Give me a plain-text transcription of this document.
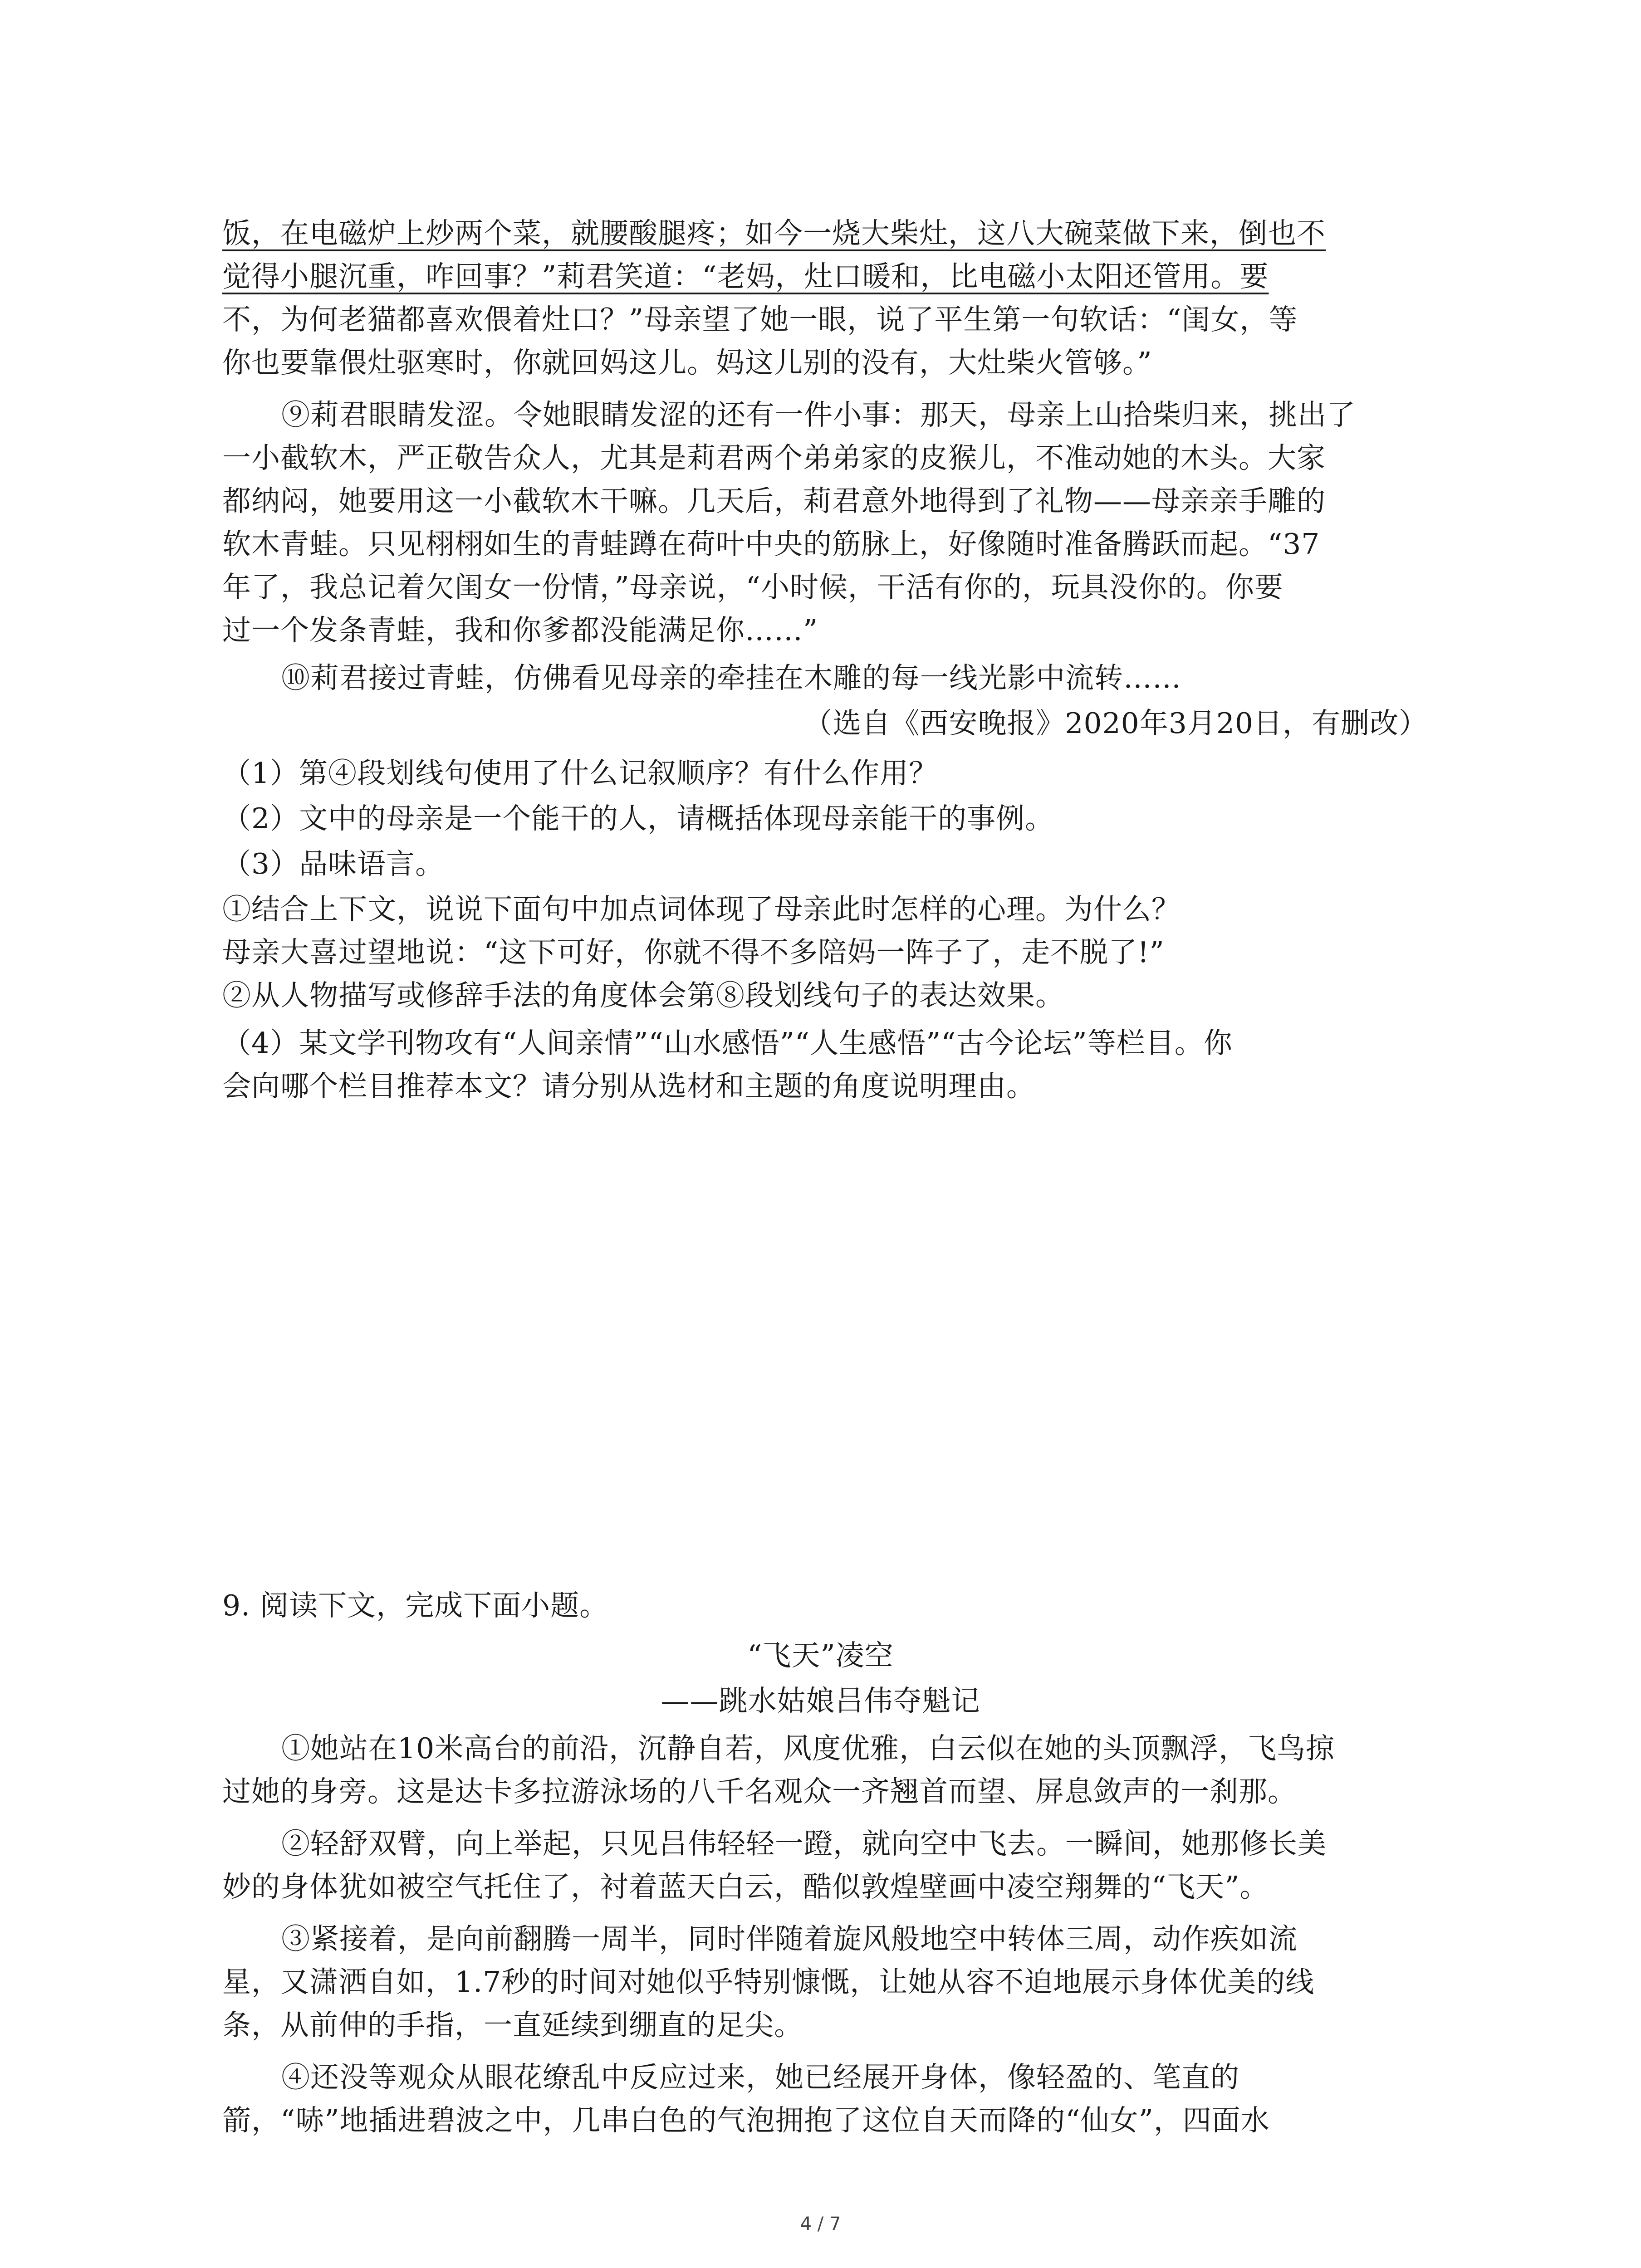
饭，在电磁炉上炒两个菜，就腰酸腿疼；如今一烧大柴灶，这八大碗菜做下来，倒也不
觉得小腿沉重，咋回事？”莉君笑道：“老妈，灶口暖和，比电磁小太阳还管用。要
不，为何老猫都喜欢偎着灶口？”母亲望了她一眼，说了平生第一句软话：“闺女，等
你也要靠偎灶驱寒时，你就回妈这儿。妈这儿别的没有，大灶柴火管够。”
⑨莉君眼睛发涩。令她眼睛发涩的还有一件小事：那天，母亲上山拾柴归来，挑出了
一小截软木，严正敬告众人，尤其是莉君两个弟弟家的皮猴儿，不准动她的木头。大家
都纳闷，她要用这一小截软木干嘛。几天后，莉君意外地得到了礼物——母亲亲手雕的
软木青蛙。只见栩栩如生的青蛙蹲在荷叶中央的筋脉上，好像随时准备腾跃而起。“37
年了，我总记着欠闺女一份情，”母亲说，“小时候，干活有你的，玩具没你的。你要
过一个发条青蛙，我和你爹都没能满足你……”
⑩莉君接过青蛙，仿佛看见母亲的牵挂在木雕的每一线光影中流转……
（选自《西安晚报》2020年3月20日，有删改）
（1）第④段划线句使用了什么记叙顺序？有什么作用？
（2）文中的母亲是一个能干的人，请概括体现母亲能干的事例。
（3）品味语言。
①结合上下文，说说下面句中加点词体现了母亲此时怎样的心理。为什么？
母亲大喜过望地说：“这下可好，你就不得不多陪妈一阵子了，走不脱了!”
②从人物描写或修辞手法的角度体会第⑧段划线句子的表达效果。
（4）某文学刊物攻有“人间亲情”“山水感悟”“人生感悟”“古今论坛”等栏目。你
会向哪个栏目推荐本文？请分别从选材和主题的角度说明理由。
9. 阅读下文，完成下面小题。
“飞天”凌空
——跳水姑娘吕伟夺魁记
①她站在10米高台的前沿，沉静自若，风度优雅，白云似在她的头顶飘浮，飞鸟掠
过她的身旁。这是达卡多拉游泳场的八千名观众一齐翘首而望、屏息敛声的一刹那。
②轻舒双臂，向上举起，只见吕伟轻轻一蹬，就向空中飞去。一瞬间，她那修长美
妙的身体犹如被空气托住了，衬着蓝天白云，酷似敦煌壁画中凌空翔舞的“飞天”。
③紧接着，是向前翻腾一周半，同时伴随着旋风般地空中转体三周，动作疾如流
星，又潇洒自如，1.7秒的时间对她似乎特别慷慨，让她从容不迫地展示身体优美的线
条，从前伸的手指，一直延续到绷直的足尖。
④还没等观众从眼花缭乱中反应过来，她已经展开身体，像轻盈的、笔直的
箭，“哧”地插进碧波之中，几串白色的气泡拥抱了这位自天而降的“仙女”，四面水
4 / 7
